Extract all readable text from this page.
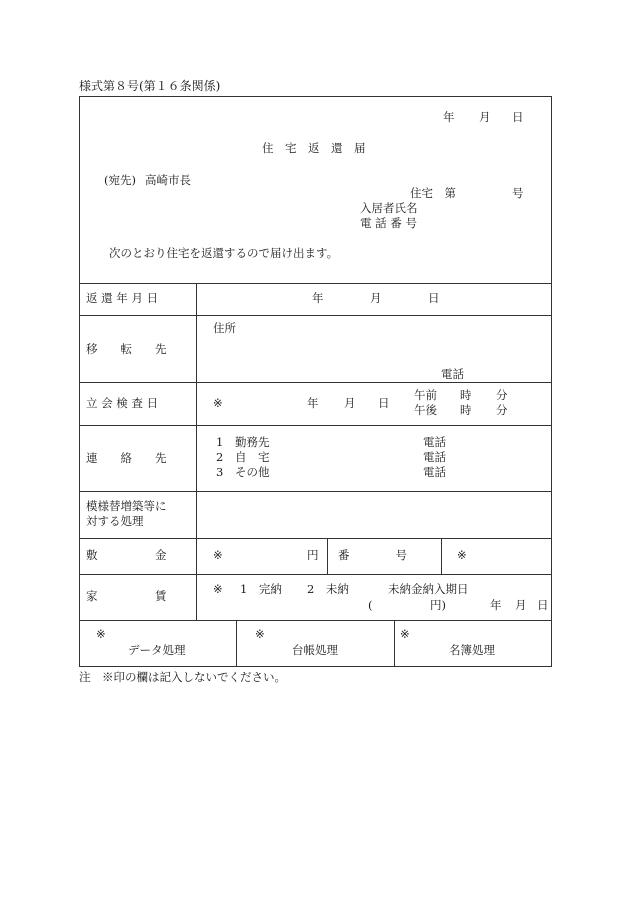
様式第８号(第１６条関係)
年 月 日
住　宅　返　還　届
(宛先) 高崎市長
住宅　第	号
入居者氏名
電 話 番 号
次のとおり住宅を返還するので届け出ます。
返 還 年 月 日	年	月	日
移　　転　　先
住所
電話
立 会 検 査 日	※	年 月 日
午前 時 分
午後 時 分
連　　絡　　先
1 勤務先	電話
2 自　宅	電話
3 その他	電話
模様替増築等に
対する処理
敷　　　　　金	※	円 番　　　　号	※
家　　　　　賃	※ 1　完納 2　未納	未納金納入期日
(	円)	年 月 日
※
データ処理
※
台帳処理
※
名簿処理
注　※印の欄は記入しないでください。
